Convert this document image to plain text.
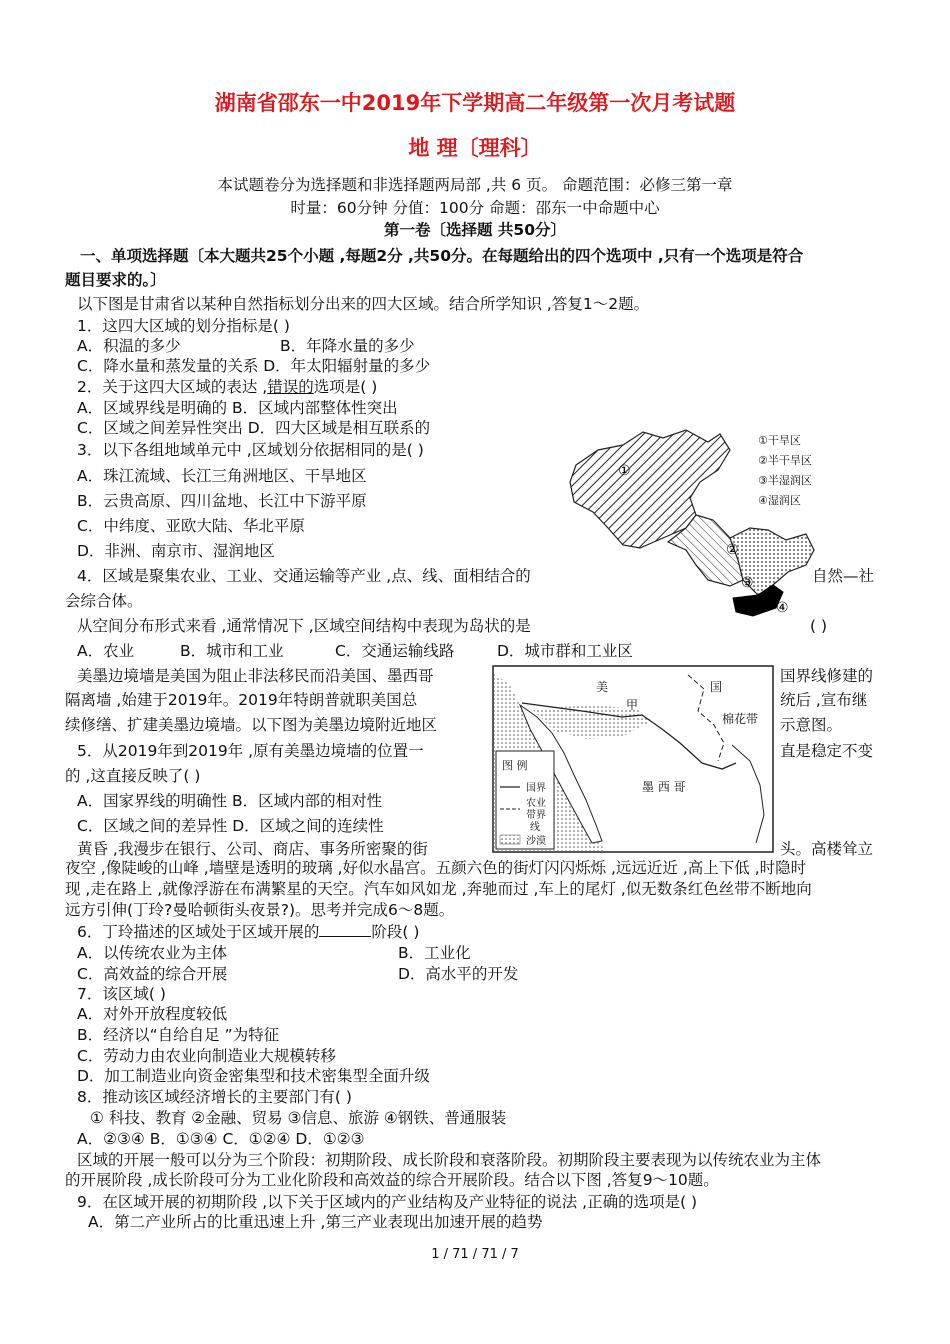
湖南省邵东一中2019年下学期高二年级第一次月考试题
地 理〔理科〕
本试题卷分为选择题和非选择题两局部 ,共 6 页。 命题范围：必修三第一章
时量：60分钟 分值：100分 命题：邵东一中命题中心
第一卷〔选择题 共50分〕
一、单项选择题〔本大题共25个小题 ,每题2分 ,共50分。在每题给出的四个选项中 ,只有一个选项是符合
题目要求的。〕
以下图是甘肃省以某种自然指标划分出来的四大区域。结合所学知识 ,答复1～2题。
1．这四大区域的划分指标是( )
A．积温的多少	B．年降水量的多少
C．降水量和蒸发量的关系 D．年太阳辐射量的多少
2．关于这四大区域的表达 ,错误的选项是( )
A．区域界线是明确的 B．区域内部整体性突出
C．区域之间差异性突出 D．四大区域是相互联系的
3．以下各组地域单元中 ,区域划分依据相同的是( )
A．珠江流域、长江三角洲地区、干旱地区
B．云贵高原、四川盆地、长江中下游平原
C．中纬度、亚欧大陆、华北平原
D．非洲、南京市、湿润地区
①
②
③
④
①干旱区
②半干旱区
③半湿润区
④湿润区
4．区域是聚集农业、工业、交通运输等产业 ,点、线、面相结合的	自然—社
会综合体。
从空间分布形式来看 ,通常情况下 ,区域空间结构中表现为岛状的是	( )
A．农业	B．城市和工业	C．交通运输线路	D．城市群和工业区
美墨边境墙是美国为阻止非法移民而沿美国、墨西哥
隔离墙 ,始建于2019年。2019年特朗普就职美国总
续修缮、扩建美墨边境墙。以下图为美墨边境附近地区
国界线修建的
统后 ,宣布继
示意图。
美	国
甲
棉花带
墨 西 哥
图 例
国界
农业
带界
线
沙漠
5．从2019年到2019年 ,原有美墨边境墙的位置一	直是稳定不变
的 ,这直接反映了( )
A．国家界线的明确性 B．区域内部的相对性
C．区域之间的差异性 D．区域之间的连续性
黄昏 ,我漫步在银行、公司、商店、事务所密聚的街	头。高楼耸立
夜空 ,像陡峻的山峰 ,墙壁是透明的玻璃 ,好似水晶宫。五颜六色的街灯闪闪烁烁 ,远远近近 ,高上下低 ,时隐时
现 ,走在路上 ,就像浮游在布满繁星的天空。汽车如风如龙 ,奔驰而过 ,车上的尾灯 ,似无数条红色丝带不断地向
远方引伸(丁玲?曼哈顿街头夜景?)。思考并完成6～8题。
6．丁玲描述的区域处于区域开展的	阶段( )
A．以传统农业为主体	B．工业化
C．高效益的综合开展	D．高水平的开发
7．该区域( )
A．对外开放程度较低
B．经济以“自给自足 ”为特征
C．劳动力由农业向制造业大规模转移
D．加工制造业向资金密集型和技术密集型全面升级
8．推动该区域经济增长的主要部门有( )
① 科技、教育 ②金融、贸易 ③信息、旅游 ④钢铁、普通服装
A．②③④ B．①③④ C．①②④ D．①②③
区域的开展一般可以分为三个阶段：初期阶段、成长阶段和衰落阶段。初期阶段主要表现为以传统农业为主体
的开展阶段 ,成长阶段可分为工业化阶段和高效益的综合开展阶段。结合以下图 ,答复9～10题。
9．在区域开展的初期阶段 ,以下关于区域内的产业结构及产业特征的说法 ,正确的选项是( )
A．第二产业所占的比重迅速上升 ,第三产业表现出加速开展的趋势
1 / 71 / 71 / 7
